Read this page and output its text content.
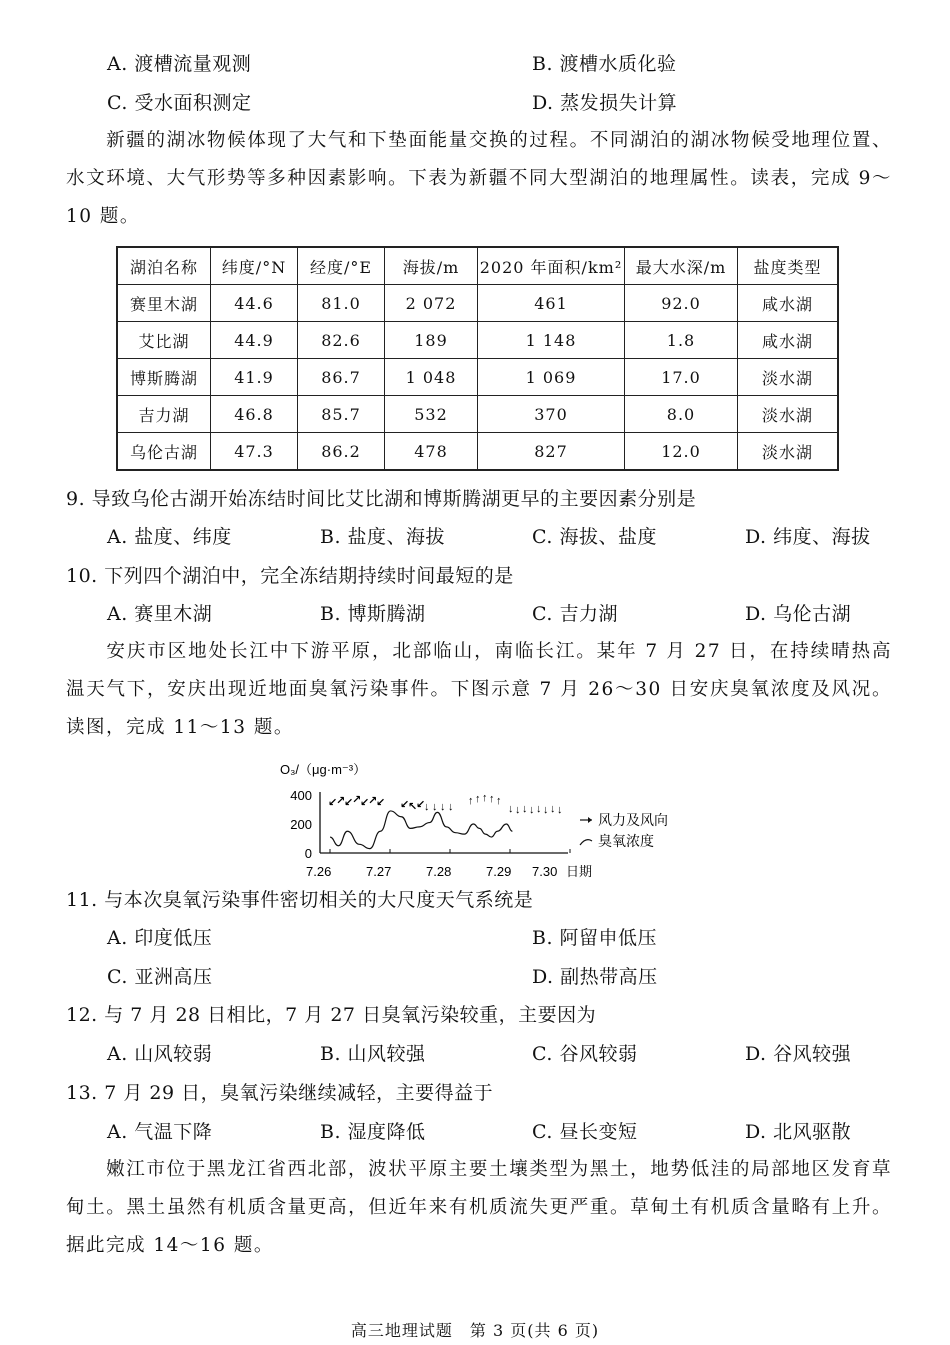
A. 渡槽流量观测	B. 渡槽水质化验
C. 受水面积测定	D. 蒸发损失计算
新疆的湖冰物候体现了大气和下垫面能量交换的过程。不同湖泊的湖冰物候受地理位置、水文环境、大气形势等多种因素影响。下表为新疆不同大型湖泊的地理属性。读表，完成 9～10 题。
湖泊名称	纬度/°N	经度/°E	海拔/m	2020 年面积/km²	最大水深/m	盐度类型
赛里木湖	44.6	81.0	2 072	461	92.0	咸水湖
艾比湖	44.9	82.6	189	1 148	1.8	咸水湖
博斯腾湖	41.9	86.7	1 048	1 069	17.0	淡水湖
吉力湖	46.8	85.7	532	370	8.0	淡水湖
乌伦古湖	47.3	86.2	478	827	12.0	淡水湖
9. 导致乌伦古湖开始冻结时间比艾比湖和博斯腾湖更早的主要因素分别是
A. 盐度、纬度	B. 盐度、海拔	C. 海拔、盐度	D. 纬度、海拔
10. 下列四个湖泊中，完全冻结期持续时间最短的是
A. 赛里木湖	B. 博斯腾湖	C. 吉力湖	D. 乌伦古湖
安庆市区地处长江中下游平原，北部临山，南临长江。某年 7 月 27 日，在持续晴热高温天气下，安庆出现近地面臭氧污染事件。下图示意 7 月 26～30 日安庆臭氧浓度及风况。读图，完成 11～13 题。
O₃/（μg·m⁻³）
400
200
0
7.30 日期
7.26	7.27	7.28	7.29
↙
↗
↙
↗
↙
↗
↙ ↙
↖
↙
↓ ↓ ↓ ↓ ↑ ↑ ↑ ↑ ↑
↓ ↓ ↓ ↓ ↓ ↓ ↓ ↓
风力及风向
臭氧浓度
11. 与本次臭氧污染事件密切相关的大尺度天气系统是
A. 印度低压	B. 阿留申低压
C. 亚洲高压	D. 副热带高压
12. 与 7 月 28 日相比，7 月 27 日臭氧污染较重，主要因为
A. 山风较弱	B. 山风较强	C. 谷风较弱	D. 谷风较强
13. 7 月 29 日，臭氧污染继续减轻，主要得益于
A. 气温下降	B. 湿度降低	C. 昼长变短	D. 北风驱散
嫩江市位于黑龙江省西北部，波状平原主要土壤类型为黑土，地势低洼的局部地区发育草甸土。黑土虽然有机质含量更高，但近年来有机质流失更严重。草甸土有机质含量略有上升。据此完成 14～16 题。
高三地理试题　第 3 页(共 6 页)
